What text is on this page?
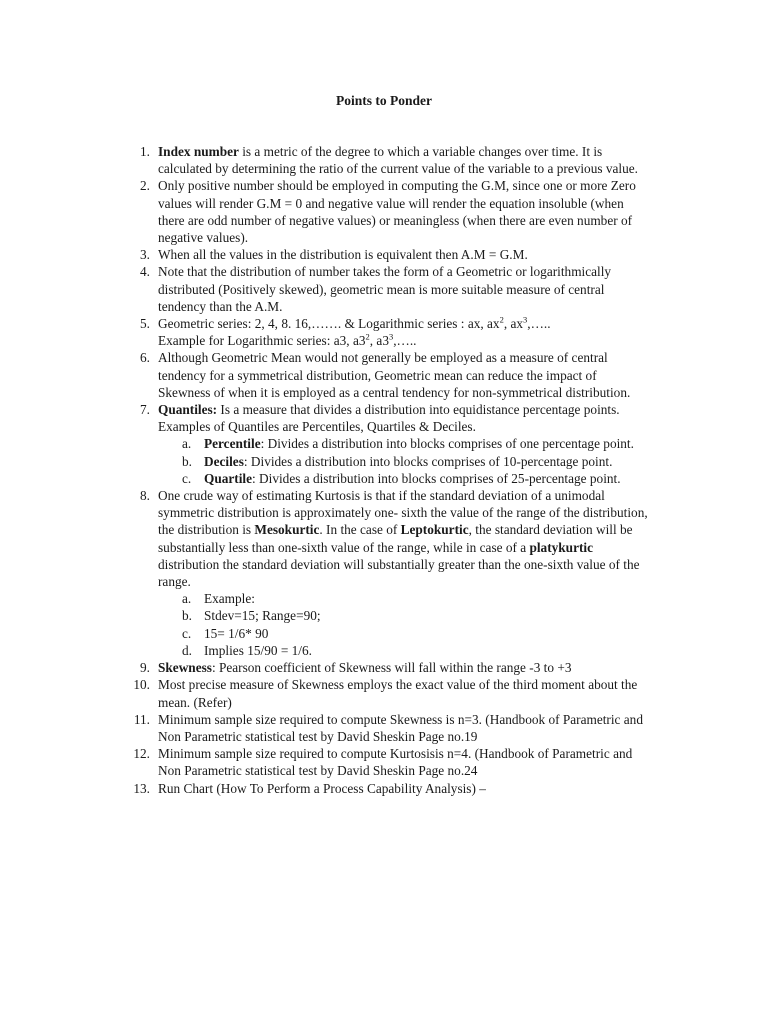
Points to Ponder
1. Index number is a metric of the degree to which a variable changes over time. It is calculated by determining the ratio of the current value of the variable to a previous value.
2. Only positive number should be employed in computing the G.M, since one or more Zero values will render G.M = 0 and negative value will render the equation insoluble (when there are odd number of negative values) or meaningless (when there are even number of negative values).
3. When all the values in the distribution is equivalent then A.M = G.M.
4. Note that the distribution of number takes the form of a Geometric or logarithmically distributed (Positively skewed), geometric mean is more suitable measure of central tendency than the A.M.
5. Geometric series: 2, 4, 8. 16,……. & Logarithmic series : ax, $ax^2$, $ax^3,\dots$..
Example for Logarithmic series: a3, $a3^2$, $a3^3,\dots$..
6. Although Geometric Mean would not generally be employed as a measure of central tendency for a symmetrical distribution, Geometric mean can reduce the impact of Skewness of when it is employed as a central tendency for non-symmetrical distribution.
7. Quantiles: Is a measure that divides a distribution into equidistance percentage points. Examples of Quantiles are Percentiles, Quartiles & Deciles.
a. Percentile: Divides a distribution into blocks comprises of one percentage point.
b. Deciles: Divides a distribution into blocks comprises of 10-percentage point.
c. Quartile: Divides a distribution into blocks comprises of 25-percentage point.
8. One crude way of estimating Kurtosis is that if the standard deviation of a unimodal symmetric distribution is approximately one- sixth the value of the range of the distribution, the distribution is Mesokurtic. In the case of Leptokurtic, the standard deviation will be substantially less than one-sixth value of the range, while in case of a platykurtic distribution the standard deviation will substantially greater than the one-sixth value of the range.
a. Example:
b. Stdev=15; Range=90;
c. 15= 1/6* 90
d. Implies 15/90 = 1/6.
9. Skewness: Pearson coefficient of Skewness will fall within the range -3 to +3
10. Most precise measure of Skewness employs the exact value of the third moment about the mean. (Refer)
11. Minimum sample size required to compute Skewness is n=3. (Handbook of Parametric and Non Parametric statistical test by David Sheskin Page no.19
12. Minimum sample size required to compute Kurtosisis n=4. (Handbook of Parametric and Non Parametric statistical test by David Sheskin Page no.24
13. Run Chart (How To Perform a Process Capability Analysis) –
